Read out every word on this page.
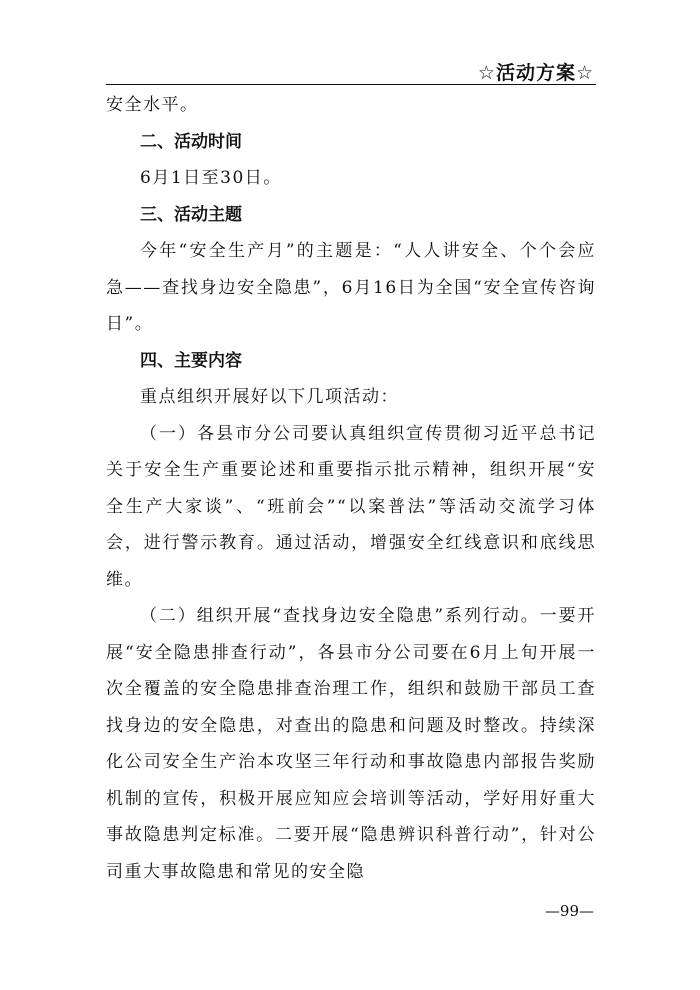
☆活动方案☆

安全水平。

二、活动时间

6月1日至30日。

三、活动主题

今年“安全生产月”的主题是：“人人讲安全、个个会应急——查找身边安全隐患”，6月16日为全国“安全宣传咨询日”。

四、主要内容

重点组织开展好以下几项活动：

（一）各县市分公司要认真组织宣传贯彻习近平总书记关于安全生产重要论述和重要指示批示精神，组织开展“安全生产大家谈”、“班前会”“以案普法”等活动交流学习体会，进行警示教育。通过活动，增强安全红线意识和底线思维。

（二）组织开展“查找身边安全隐患”系列行动。一要开展“安全隐患排查行动”，各县市分公司要在6月上旬开展一次全覆盖的安全隐患排查治理工作，组织和鼓励干部员工查找身边的安全隐患，对查出的隐患和问题及时整改。持续深化公司安全生产治本攻坚三年行动和事故隐患内部报告奖励机制的宣传，积极开展应知应会培训等活动，学好用好重大事故隐患判定标准。二要开展“隐患辨识科普行动”，针对公司重大事故隐患和常见的安全隐

—99—
